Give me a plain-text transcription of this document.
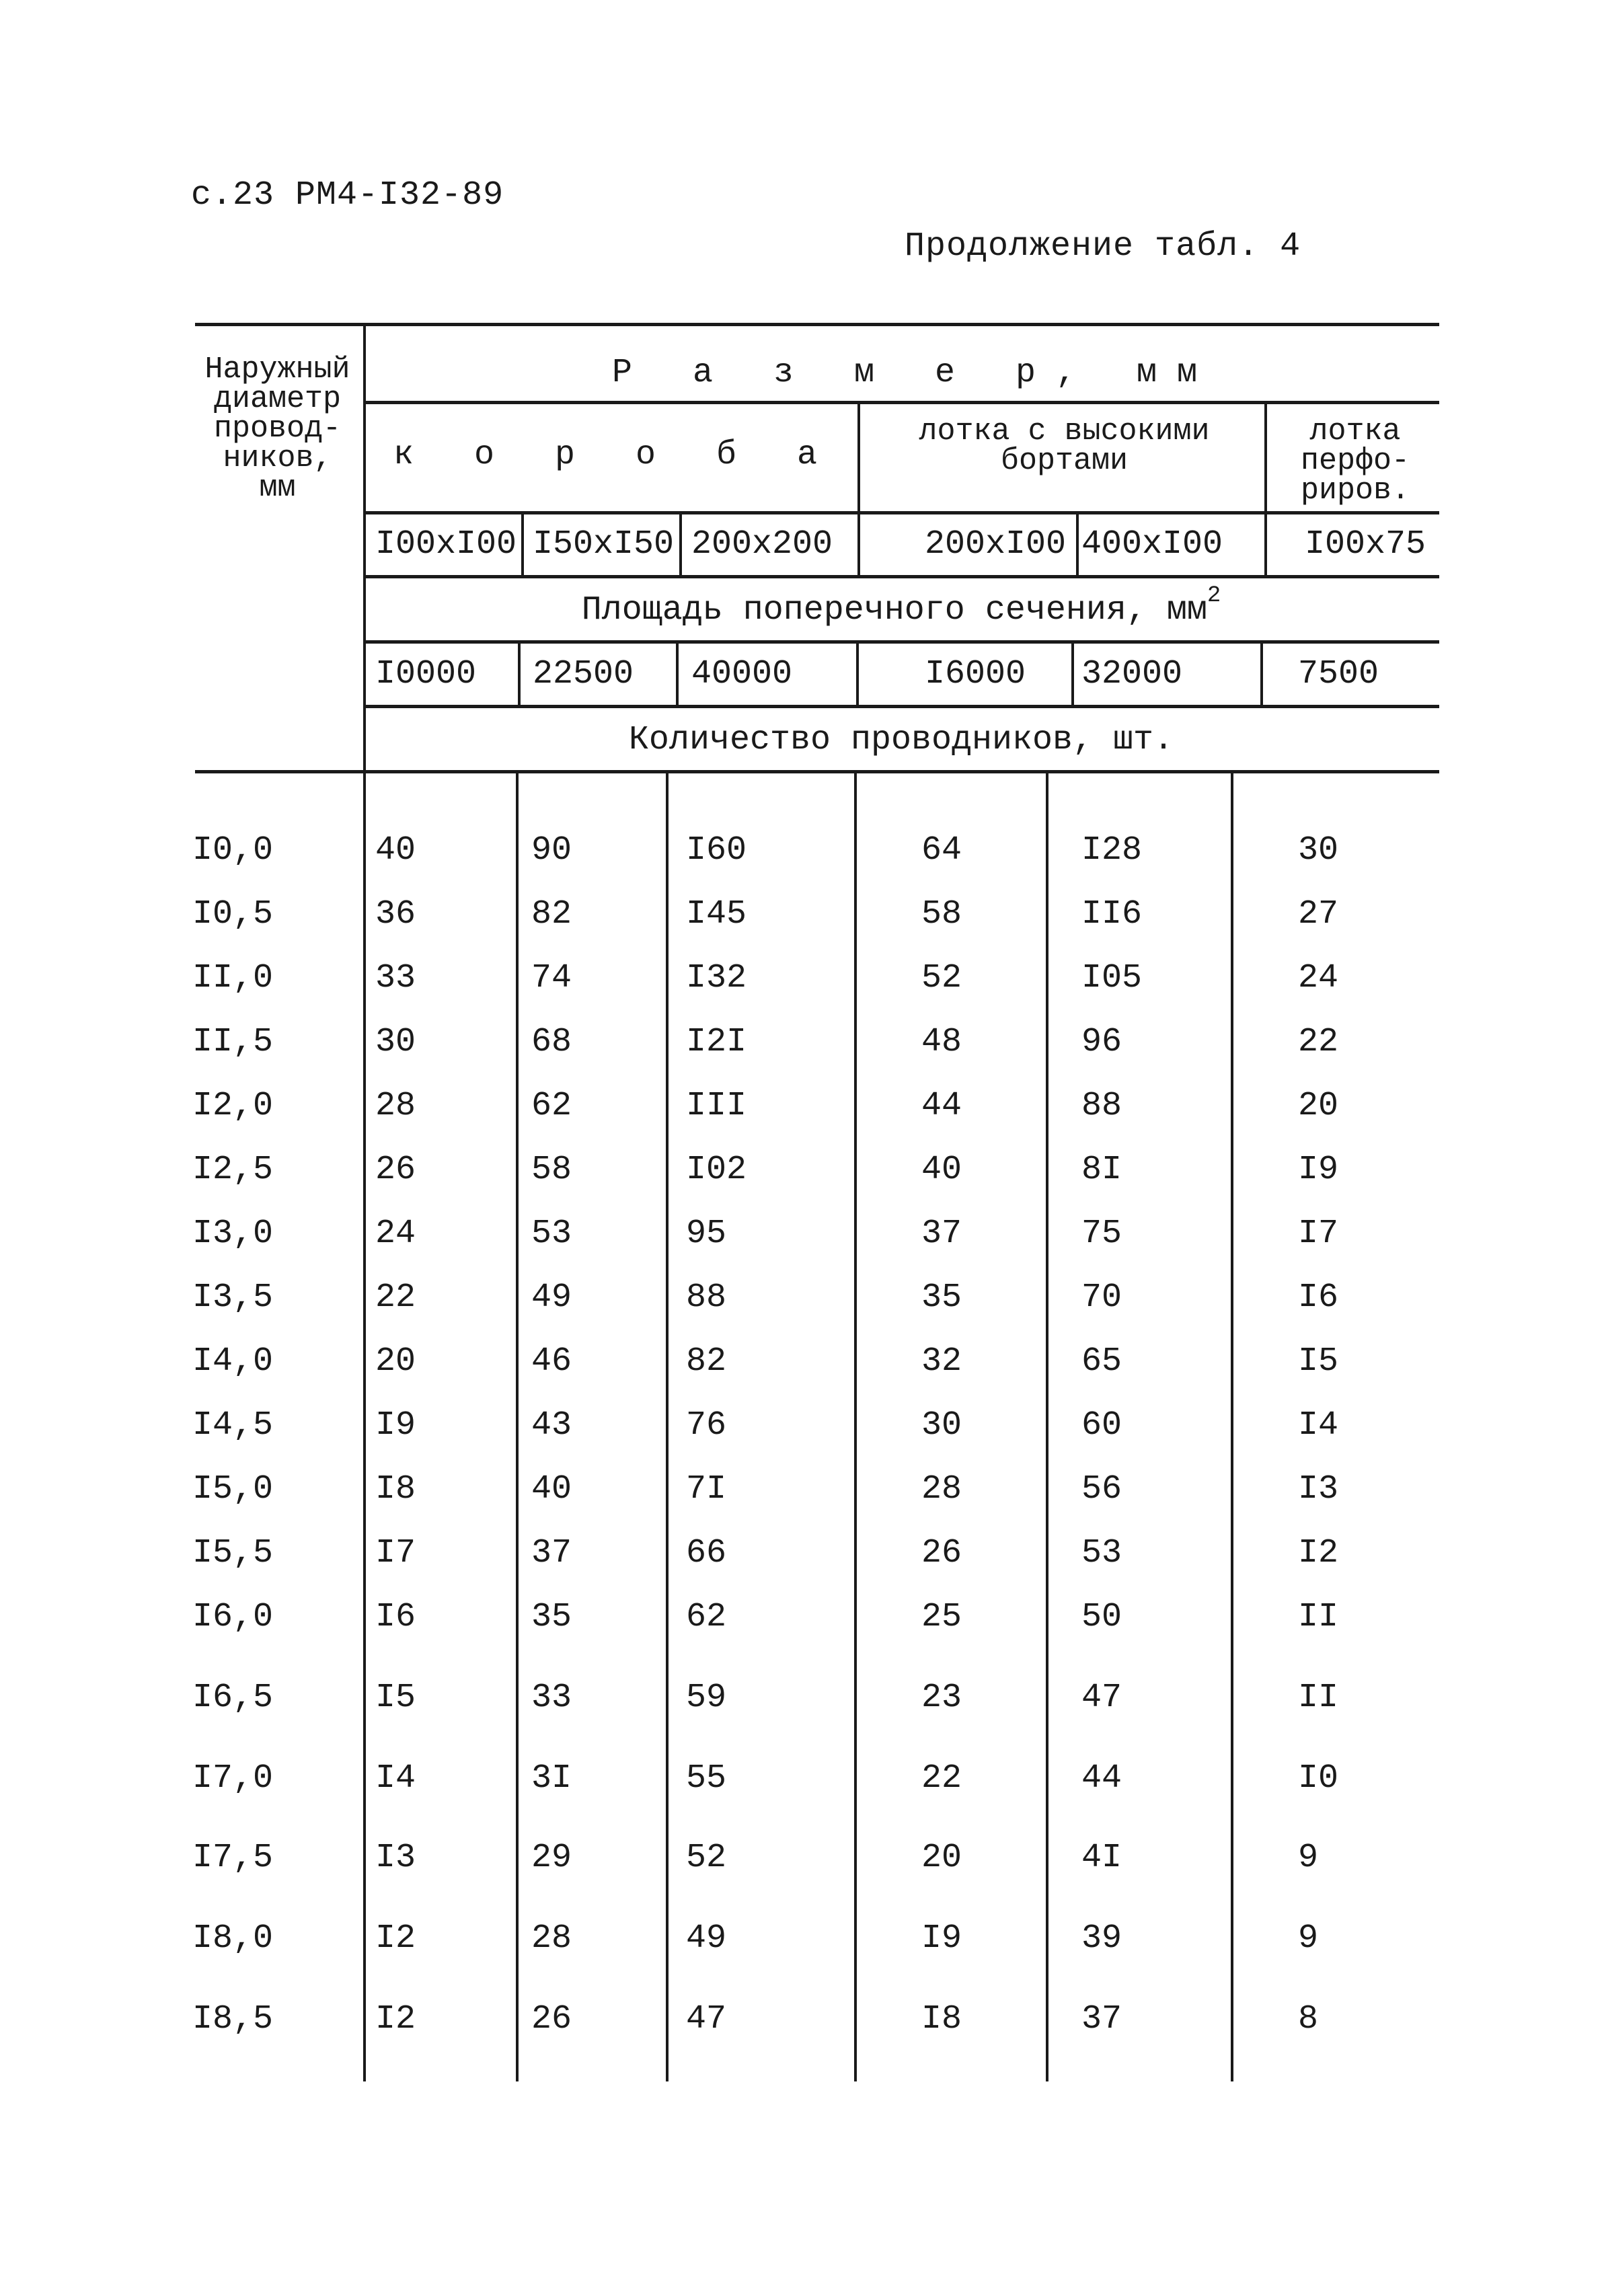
с.23 РМ4-I32-89
Продолжение табл. 4
Наружный
диаметр
провод-
ников,
мм
Р а з м е р, мм
к о р о б а
лотка с высокими
бортами
лотка
перфо-
риров.
Площадь поперечного сечения, $мм^2$
Количество проводников, шт.
I00xI00 I50xI50 200x200	200xI00 400xI00 I00x75
I0000 22500 40000	I6000 32000	7500
I0,0	40	90	I60	64	I28	30
I0,5	36	82	I45	58	II6	27
II,0	33	74	I32	52	I05	24
II,5	30	68	I2I	48	96	22
I2,0	28	62	III	44	88	20
I2,5	26	58	I02	40	8I	I9
I3,0	24	53	95	37	75	I7
I3,5	22	49	88	35	70	I6
I4,0	20	46	82	32	65	I5
I4,5	I9	43	76	30	60	I4
I5,0	I8	40	7I	28	56	I3
I5,5	I7	37	66	26	53	I2
I6,0	I6	35	62	25	50	II
I6,5	I5	33	59	23	47	II
I7,0	I4	3I	55	22	44	I0
I7,5	I3	29	52	20	4I	9
I8,0	I2	28	49	I9	39	9
I8,5	I2	26	47	I8	37	8
